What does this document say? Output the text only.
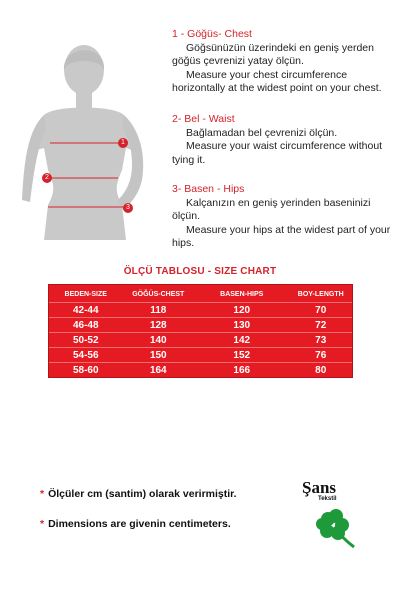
1
2
3
1 - Göğüs- Chest

Göğsünüzün üzerindeki en geniş yerden göğüs çevrenizi yatay ölçün.

Measure your chest circumference horizontally at the widest point on your chest.

2- Bel - Waist

Bağlamadan bel çevrenizi ölçün.

Measure your waist circumference without tying it.

3- Basen - Hips

Kalçanızın en geniş yerinden baseninizi ölçün.

Measure your hips at the widest part of your hips.

ÖLÇÜ TABLOSU - SIZE CHART
BEDEN-SIZE	GÖĞÜS-CHEST	BASEN-HIPS	BOY-LENGTH
42-44	118	120	70
46-48	128	130	72
50-52	140	142	73
54-56	150	152	76
58-60	164	166	80
* Ölçüler cm (santim) olarak verirmiştir.
* Dimensions are givenin centimeters.
Şans
Tekstil
